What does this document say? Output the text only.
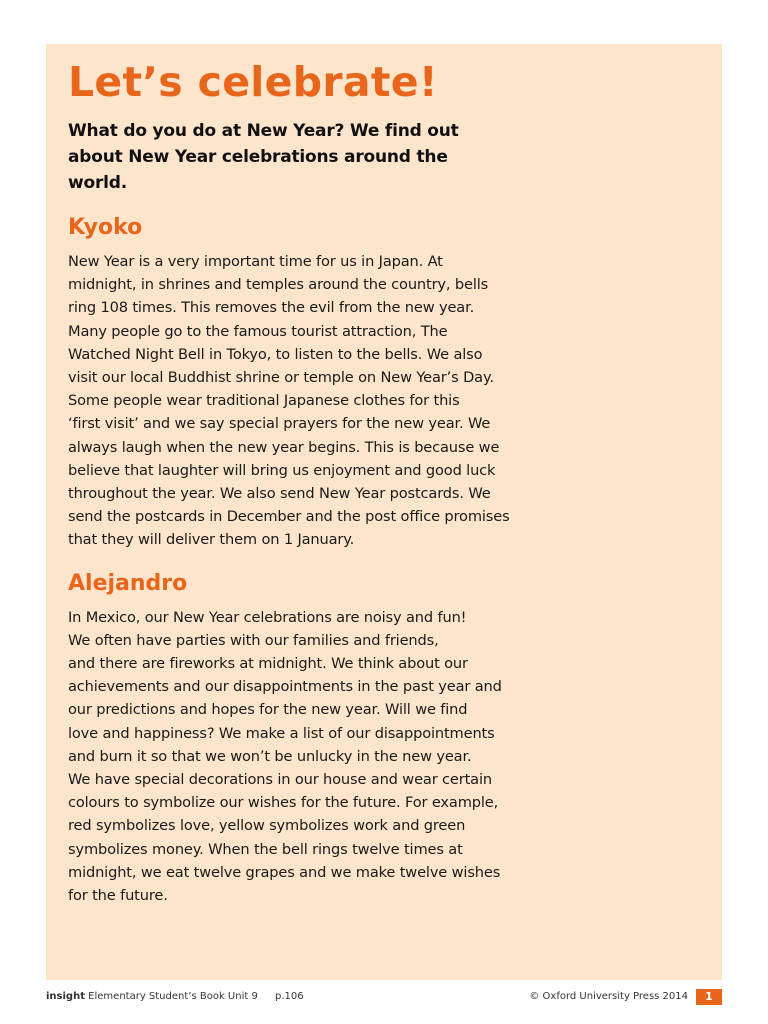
Let’s celebrate!

What do you do at New Year? We find out
about New Year celebrations around the
world.

Kyoko

New Year is a very important time for us in Japan. At
midnight, in shrines and temples around the country, bells
ring 108 times. This removes the evil from the new year.
Many people go to the famous tourist attraction, The
Watched Night Bell in Tokyo, to listen to the bells. We also
visit our local Buddhist shrine or temple on New Year’s Day.
Some people wear traditional Japanese clothes for this
‘first visit’ and we say special prayers for the new year. We
always laugh when the new year begins. This is because we
believe that laughter will bring us enjoyment and good luck
throughout the year. We also send New Year postcards. We
send the postcards in December and the post office promises
that they will deliver them on 1 January.

Alejandro

In Mexico, our New Year celebrations are noisy and fun!
We often have parties with our families and friends,
and there are fireworks at midnight. We think about our
achievements and our disappointments in the past year and
our predictions and hopes for the new year. Will we find
love and happiness? We make a list of our disappointments
and burn it so that we won’t be unlucky in the new year.
We have special decorations in our house and wear certain
colours to symbolize our wishes for the future. For example,
red symbolizes love, yellow symbolizes work and green
symbolizes money. When the bell rings twelve times at
midnight, we eat twelve grapes and we make twelve wishes
for the future.

insight Elementary Student’s Book Unit 9 p.106	© Oxford University Press 2014	1
